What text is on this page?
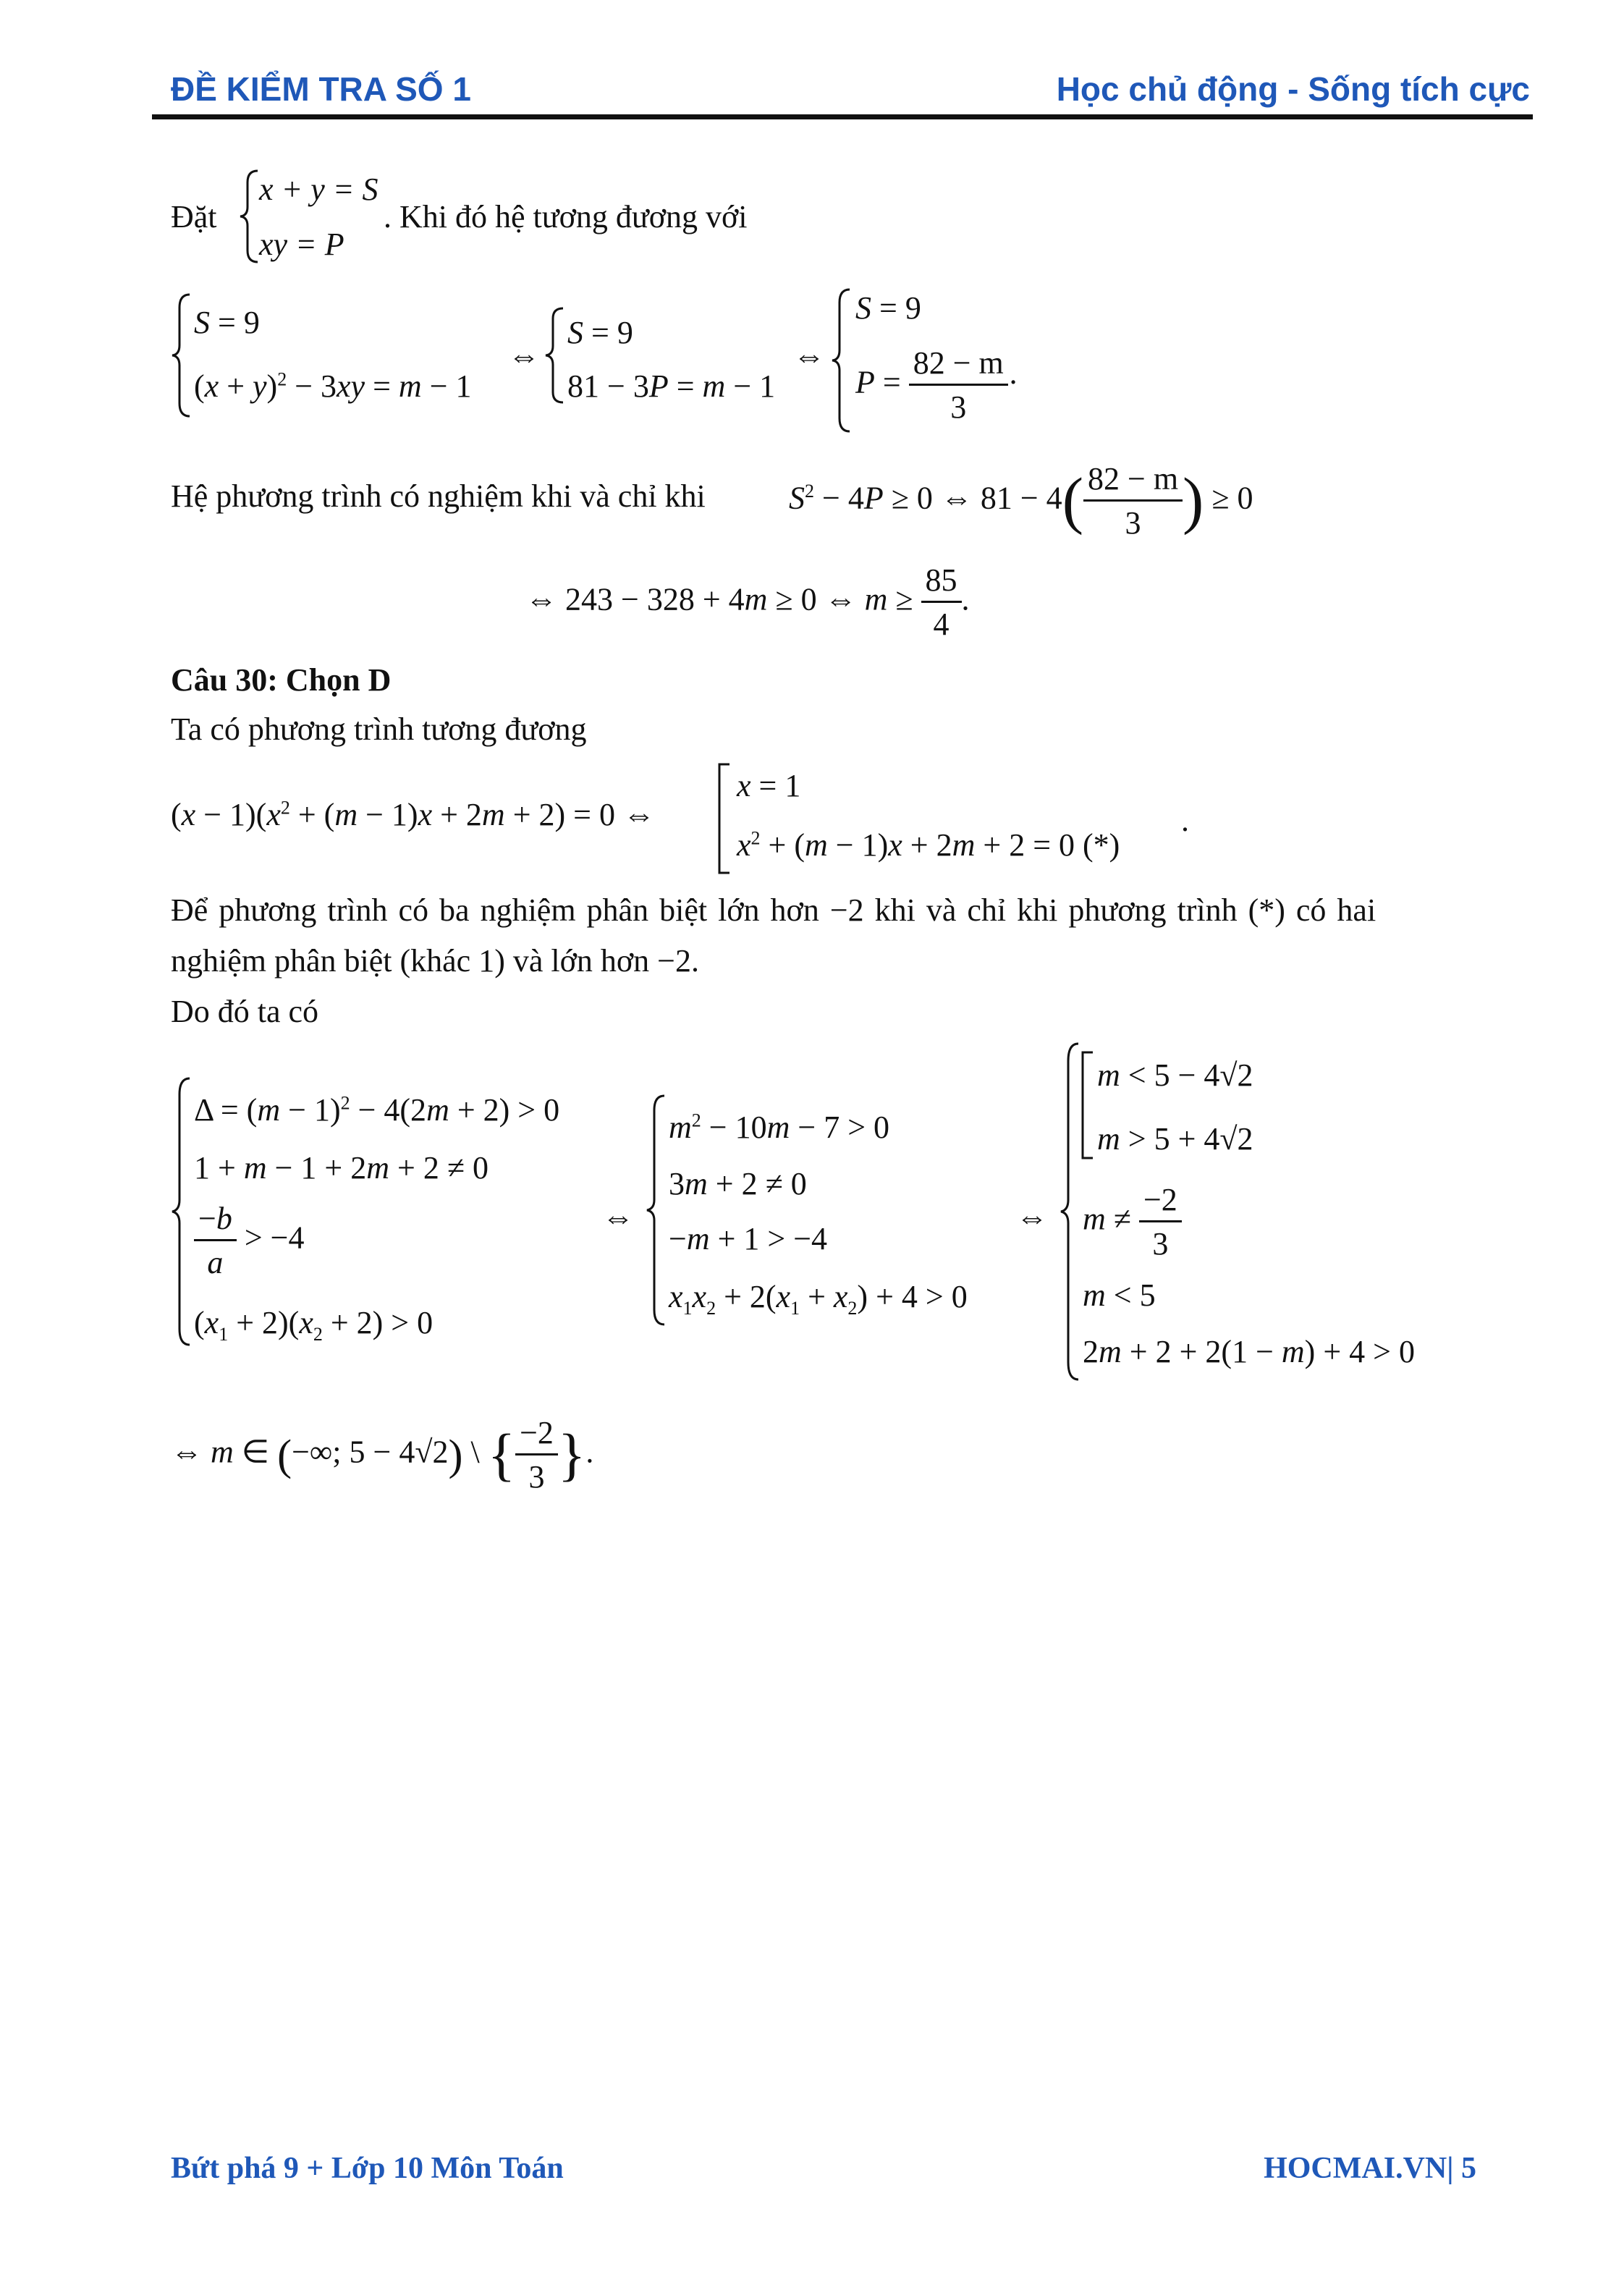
ĐỀ KIỂM TRA SỐ 1	Học chủ động - Sống tích cực
Đặt
x + y = S
xy = P
. Khi đó hệ tương đương với
S = 9
$(x + y)^2 - 3xy = m - 1$
⇔
S = 9
81 − 3P = m − 1
⇔
S = 9
$P = \frac{82 - m}{3}$ ·
Hệ phương trình có nghiệm khi và chỉ khi	$S^2 - 4P \ge 0$ ⇔ $81 - 4( \frac{82 - m}{3}$ ) ≥ 0
⇔ 243 − 328 + 4m ≥ 0 ⇔ $m \ge \frac{85}{4}$ .
Câu 30: Chọn D
Ta có phương trình tương đương
$(x - 1)(x^2 + (m - 1)x + 2m + 2) = 0$ ⇔
x = 1
$x^2 + (m - 1)x + 2m + 2 = 0$ (*)
.
Để phương trình có ba nghiệm phân biệt lớn hơn −2 khi và chỉ khi phương trình (*) có hai
nghiệm phân biệt (khác 1) và lớn hơn −2.
Do đó ta có
$\Delta = (m - 1)^2 - 4(2m + 2) > 0$
1 + m − 1 + 2m + 2 ≠ 0
$\frac{-b}{a} > -4$
$(x_1 + 2)(x_2 + 2) > 0$
⇔
$m^2 - 10m - 7 > 0$
3m + 2 ≠ 0
−m + 1 > −4
$x_1x_2 + 2(x_1 + x_2) + 4 > 0$
⇔
m < 5 − 4√2
m > 5 + 4√2
$m \ne \frac{-2}{3}$
m < 5
2m + 2 + 2(1 − m) + 4 > 0
⇔ m ∈ (−∞; 5 − 4√2) \ { $\frac{-2}{3}$ }.
Bứt phá 9 + Lớp 10 Môn Toán	HOCMAI.VN| 5
